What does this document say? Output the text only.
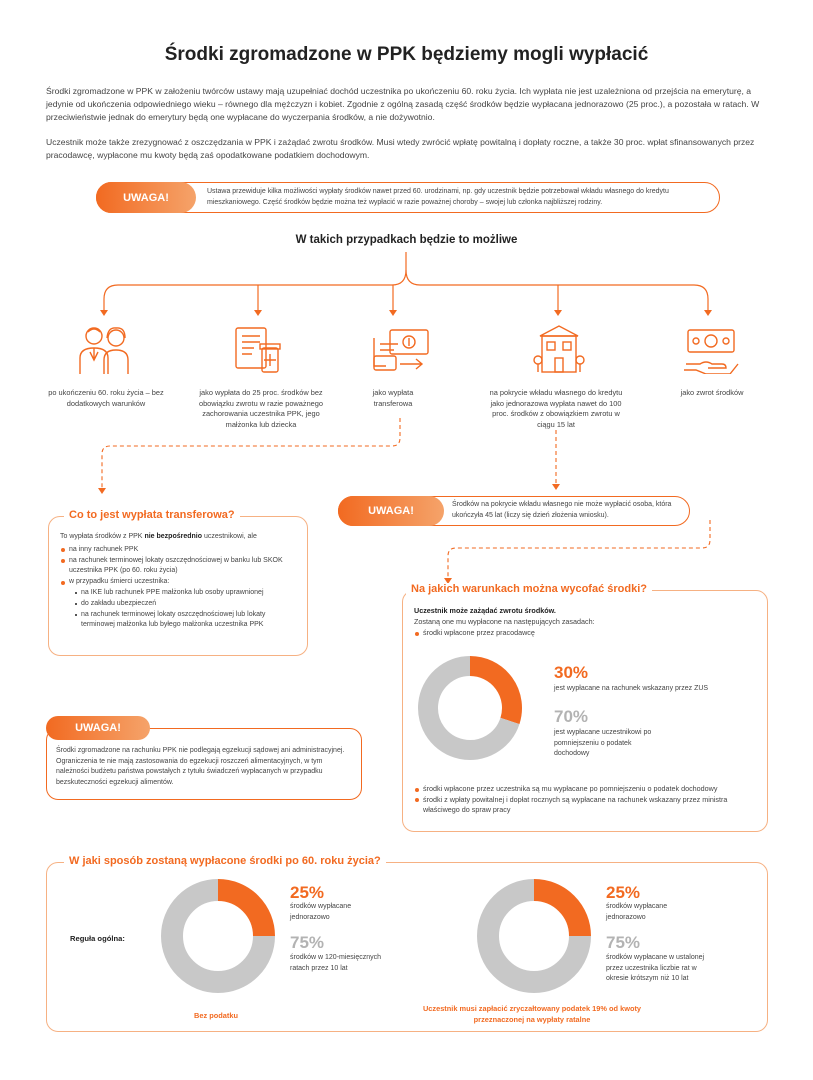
Środki zgromadzone w PPK będziemy mogli wypłacić

Środki zgromadzone w PPK w założeniu twórców ustawy mają uzupełniać dochód uczestnika po ukończeniu 60. roku życia. Ich wypłata nie jest uzależniona od przejścia na emeryturę, a jedynie od ukończenia odpowiedniego wieku – równego dla mężczyzn i kobiet. Zgodnie z ogólną zasadą część środków będzie wypłacana jednorazowo (25 proc.), a pozostała w ratach. W przeciwieństwie jednak do emerytury będą one wypłacane do wyczerpania środków, a nie dożywotnio.

Uczestnik może także zrezygnować z oszczędzania w PPK i zażądać zwrotu środków. Musi wtedy zwrócić wpłatę powitalną i dopłaty roczne, a także 30 proc. wpłat sfinansowanych przez pracodawcę, wypłacone mu kwoty będą zaś opodatkowane podatkiem dochodowym.

UWAGA!	Ustawa przewiduje kilka możliwości wypłaty środków nawet przed 60. urodzinami, np. gdy uczestnik będzie potrzebował wkładu własnego do kredytu mieszkaniowego. Część środków będzie można też wypłacić w razie poważnej choroby – swojej lub członka najbliższej rodziny.
W takich przypadkach będzie to możliwe
po ukończeniu 60. roku życia – bez dodatkowych warunków
jako wypłata do 25 proc. środków bez obowiązku zwrotu w razie poważnego zachorowania uczestnika PPK, jego małżonka lub dziecka
jako wypłata transferowa
na pokrycie wkładu własnego do kredytu jako jednorazowa wypłata nawet do 100 proc. środków z obowiązkiem zwrotu w ciągu 15 lat
jako zwrot środków
UWAGA!
Środków na pokrycie wkładu własnego nie może wypłacić osoba, która ukończyła 45 lat (liczy się dzień złożenia wniosku).
Co to jest wypłata transferowa?
To wypłata środków z PPK nie bezpośrednio uczestnikowi, ale
na inny rachunek PPK
na rachunek terminowej lokaty oszczędnościowej w banku lub SKOK uczestnika PPK (po 60. roku życia)
w przypadku śmierci uczestnika:
na IKE lub rachunek PPE małżonka lub osoby uprawnionej
do zakładu ubezpieczeń
na rachunek terminowej lokaty oszczędnościowej lub lokaty terminowej małżonka lub byłego małżonka uczestnika PPK
Na jakich warunkach można wycofać środki?
Uczestnik może zażądać zwrotu środków.
Zostaną one mu wypłacone na następujących zasadach:
środki wpłacone przez pracodawcę
30%
jest wypłacane na rachunek wskazany przez ZUS
70%
jest wypłacane uczestnikowi po pomniejszeniu o podatek dochodowy
środki wpłacone przez uczestnika są mu wypłacane po pomniejszeniu o podatek dochodowy
środki z wpłaty powitalnej i dopłat rocznych są wypłacane na rachunek wskazany przez ministra właściwego do spraw pracy
UWAGA!
Środki zgromadzone na rachunku PPK nie podlegają egzekucji sądowej ani administracyjnej. Ograniczenia te nie mają zastosowania do egzekucji roszczeń alimentacyjnych, w tym należności budżetu państwa powstałych z tytułu świadczeń wypłacanych w przypadku bezskuteczności egzekucji alimentów.
W jaki sposób zostaną wypłacone środki po 60. roku życia?
Reguła ogólna:
25%
środków wypłacane jednorazowo
75%
środków w 120-miesięcznych ratach przez 10 lat
Bez podatku
25%
środków wypłacane jednorazowo
75%
środków wypłacane w ustalonej przez uczestnika liczbie rat w okresie krótszym niż 10 lat
Uczestnik musi zapłacić zryczałtowany podatek 19% od kwoty przeznaczonej na wypłaty ratalne
